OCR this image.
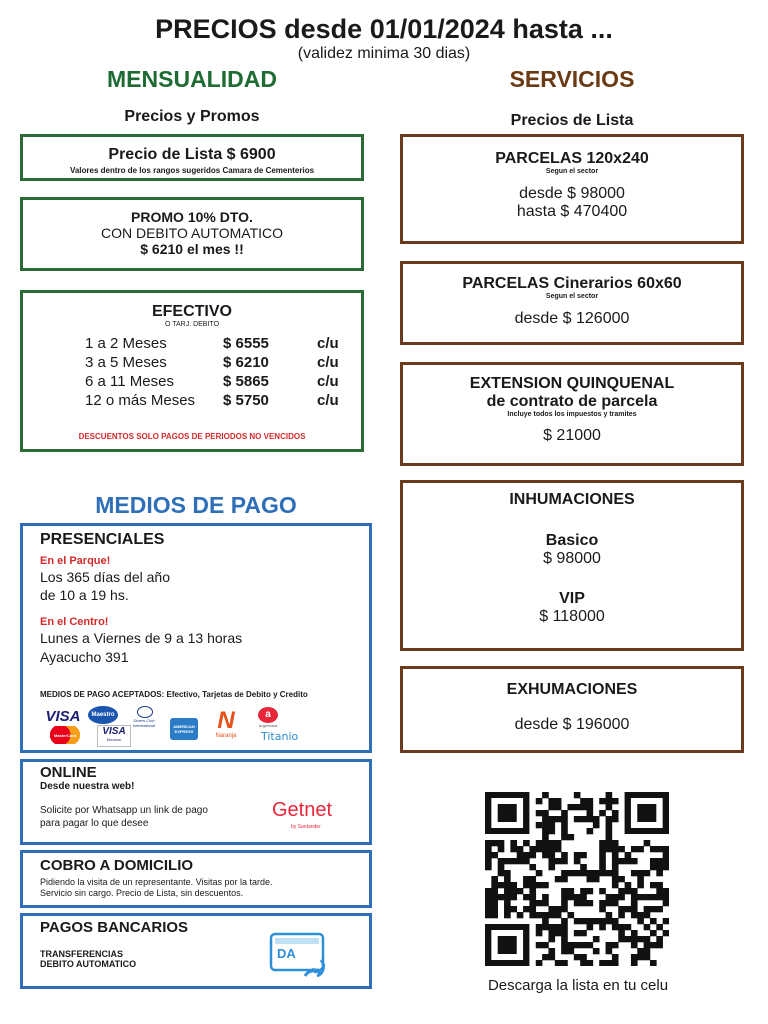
PRECIOS desde 01/01/2024 hasta ...
(validez minima 30 dias)
MENSUALIDAD
Precios y Promos
Precio de Lista $ 6900
Valores dentro de los rangos sugeridos Camara de Cementerios
PROMO 10% DTO.
CON DEBITO AUTOMATICO
$ 6210 el mes !!
EFECTIVO
O TARJ. DEBITO
1 a 2 Meses	$ 6555	c/u
3 a 5 Meses	$ 6210	c/u
6 a 11 Meses	$ 5865	c/u
12 o más Meses	$ 5750	c/u
DESCUENTOS SOLO PAGOS DE PERIODOS NO VENCIDOS
SERVICIOS
Precios de Lista
PARCELAS 120x240
Segun el sector
desde $ 98000
hasta $ 470400
PARCELAS Cinerarios 60x60
Segun el sector
desde $ 126000
EXTENSION QUINQUENAL
de contrato de parcela
Incluye todos los impuestos y tramites
$ 21000
INHUMACIONES
Basico
$ 98000
VIP
$ 118000
EXHUMACIONES
desde $ 196000
Descarga la lista en tu celu
MEDIOS DE PAGO
PRESENCIALES
En el Parque!
Los 365 días del año
de 10 a 19 hs.
En el Centro!
Lunes a Viernes de 9 a 13 horas
Ayacucho 391
MEDIOS DE PAGO ACEPTADOS: Efectivo, Tarjetas de Debito y Credito
VISA	Maestro
Diners Club International	AMERICAN EXPRESS N
Naranja
a
Argencard
MasterCard	VISA
Electron	Titanio
ONLINE
Desde nuestra web!
Solicite por Whatsapp un link de pago
para pagar lo que desee
Getnet
by Santander
COBRO A DOMICILIO
Pidiendo la visita de un representante. Visitas por la tarde.
Servicio sin cargo. Precio de Lista, sin descuentos.
PAGOS BANCARIOS
TRANSFERENCIAS
DEBITO AUTOMATICO
DA
